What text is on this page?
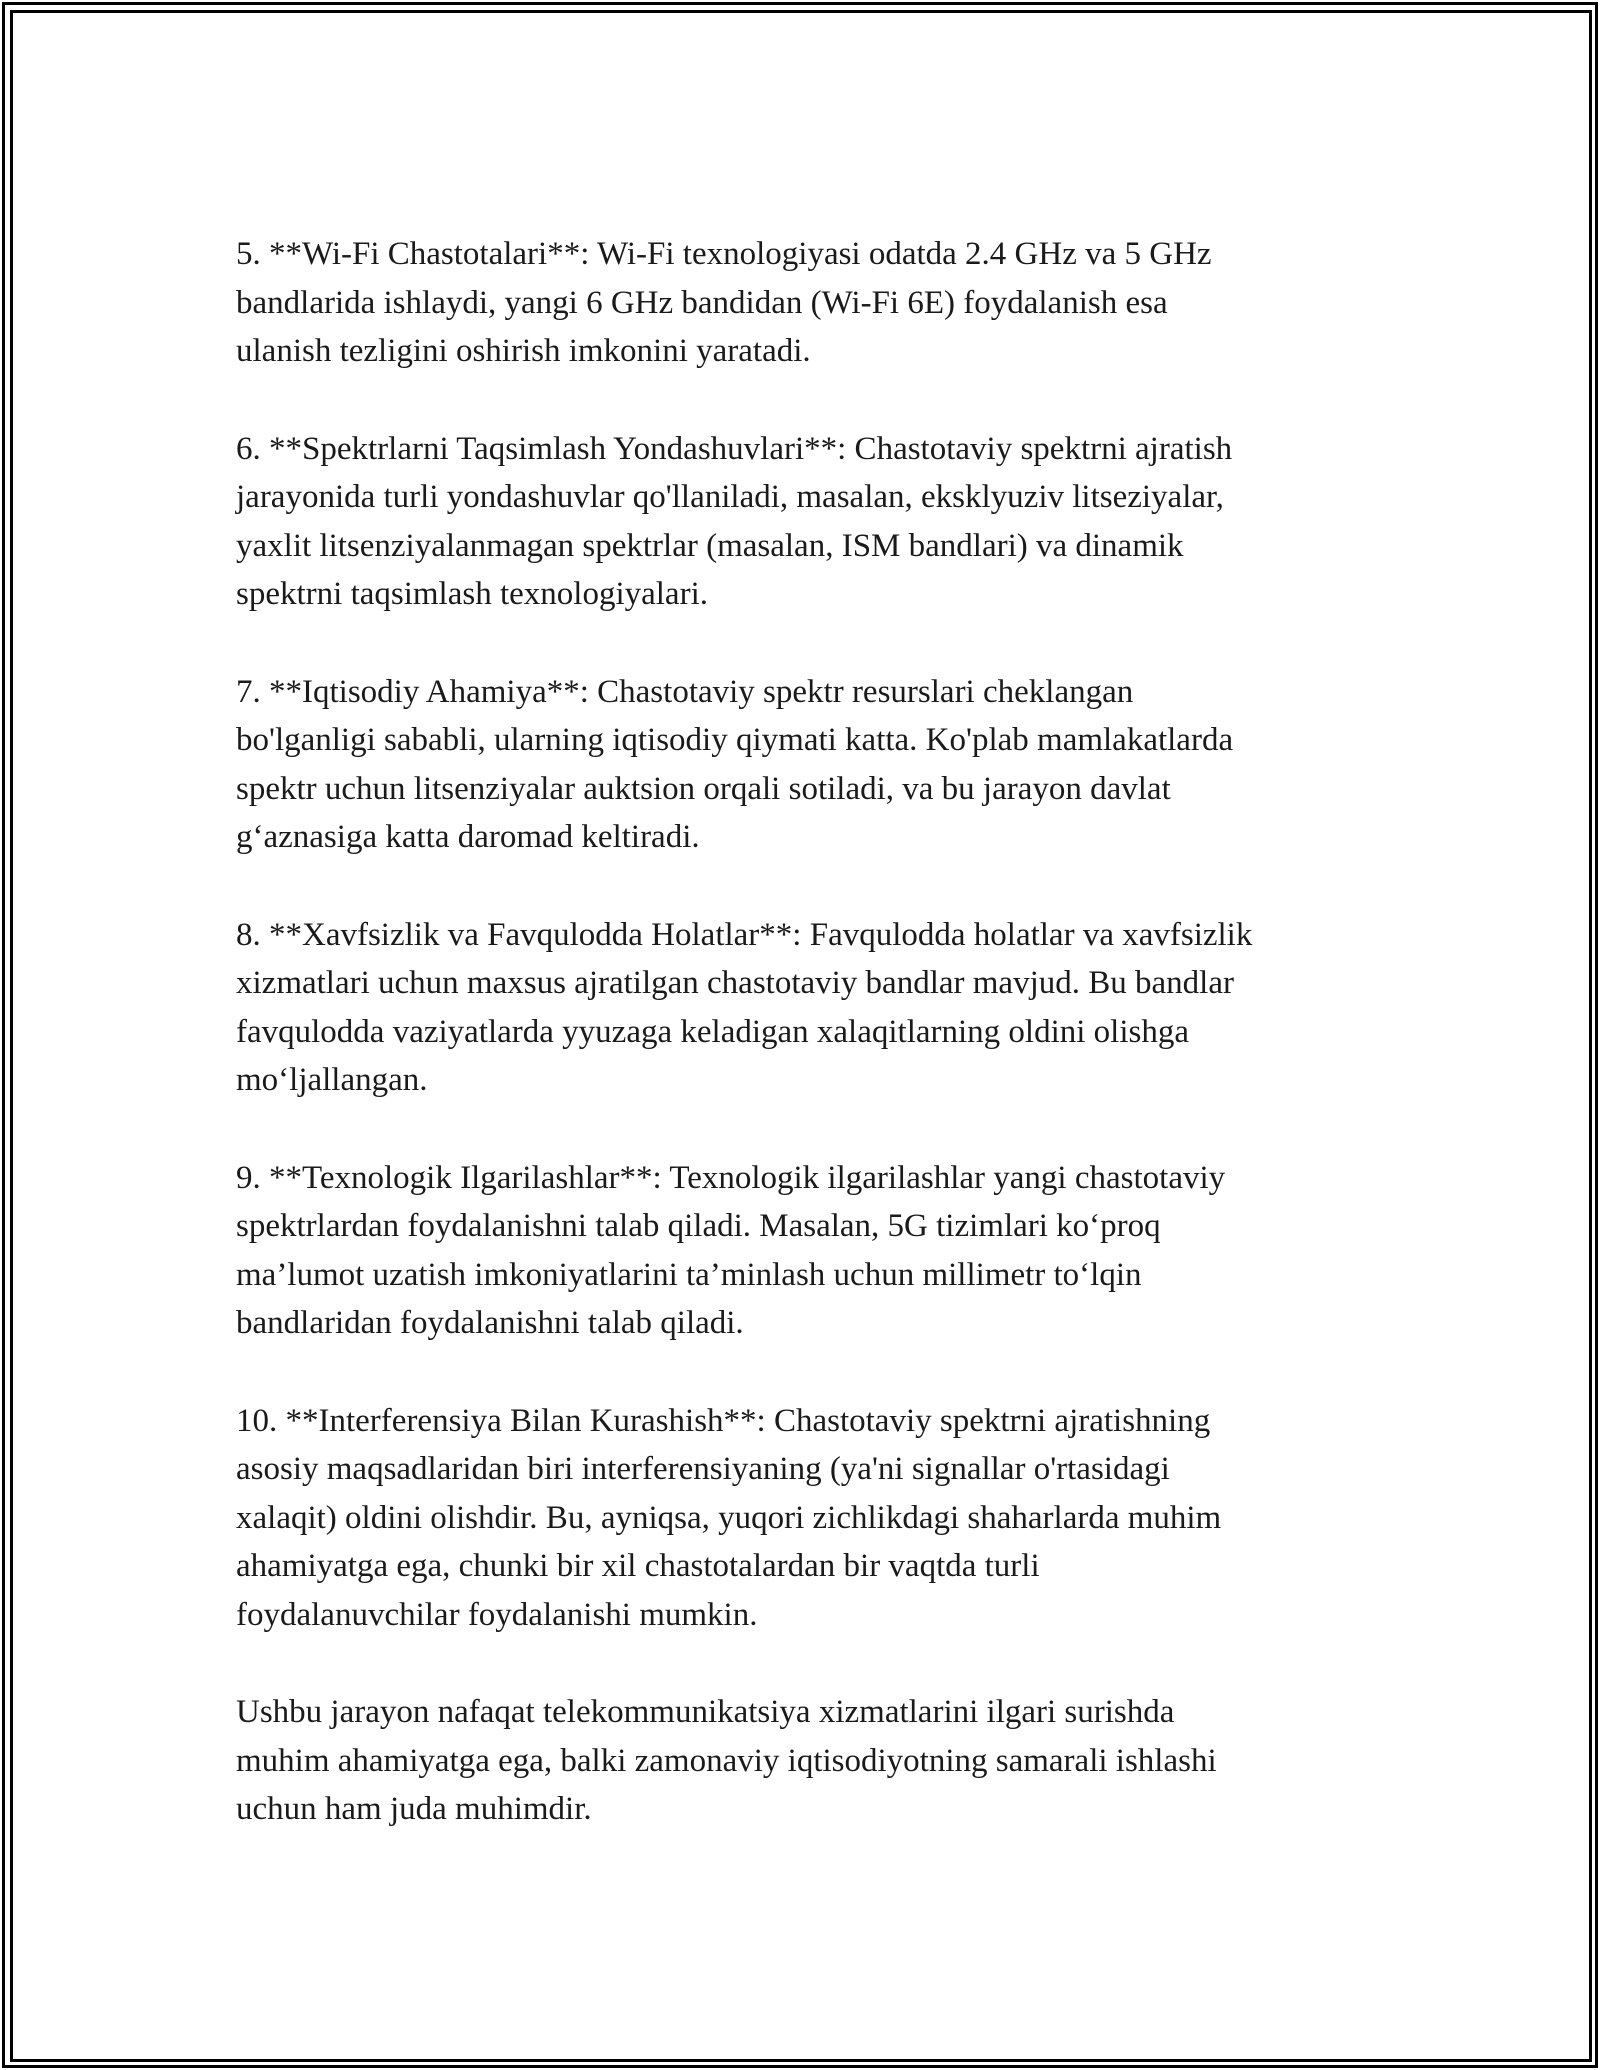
5. **Wi-Fi Chastotalari**: Wi-Fi texnologiyasi odatda 2.4 GHz va 5 GHz
bandlarida ishlaydi, yangi 6 GHz bandidan (Wi-Fi 6E) foydalanish esa
ulanish tezligini oshirish imkonini yaratadi.

6. **Spektrlarni Taqsimlash Yondashuvlari**: Chastotaviy spektrni ajratish
jarayonida turli yondashuvlar qo'llaniladi, masalan, eksklyuziv litseziyalar,
yaxlit litsenziyalanmagan spektrlar (masalan, ISM bandlari) va dinamik
spektrni taqsimlash texnologiyalari.

7. **Iqtisodiy Ahamiya**: Chastotaviy spektr resurslari cheklangan
bo'lganligi sababli, ularning iqtisodiy qiymati katta. Ko'plab mamlakatlarda
spektr uchun litsenziyalar auktsion orqali sotiladi, va bu jarayon davlat
g‘aznasiga katta daromad keltiradi.

8. **Xavfsizlik va Favqulodda Holatlar**: Favqulodda holatlar va xavfsizlik
xizmatlari uchun maxsus ajratilgan chastotaviy bandlar mavjud. Bu bandlar
favqulodda vaziyatlarda yyuzaga keladigan xalaqitlarning oldini olishga
mo‘ljallangan.

9. **Texnologik Ilgarilashlar**: Texnologik ilgarilashlar yangi chastotaviy
spektrlardan foydalanishni talab qiladi. Masalan, 5G tizimlari ko‘proq
ma’lumot uzatish imkoniyatlarini ta’minlash uchun millimetr to‘lqin
bandlaridan foydalanishni talab qiladi.

10. **Interferensiya Bilan Kurashish**: Chastotaviy spektrni ajratishning
asosiy maqsadlaridan biri interferensiyaning (ya'ni signallar o'rtasidagi
xalaqit) oldini olishdir. Bu, ayniqsa, yuqori zichlikdagi shaharlarda muhim
ahamiyatga ega, chunki bir xil chastotalardan bir vaqtda turli
foydalanuvchilar foydalanishi mumkin.

Ushbu jarayon nafaqat telekommunikatsiya xizmatlarini ilgari surishda
muhim ahamiyatga ega, balki zamonaviy iqtisodiyotning samarali ishlashi
uchun ham juda muhimdir.
